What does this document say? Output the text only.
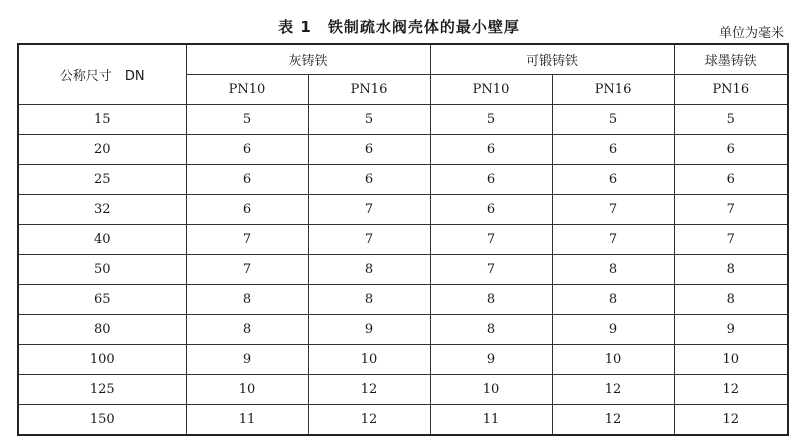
表 1　铁制疏水阀壳体的最小壁厚	单位为毫米
公称尺寸　DN	灰铸铁		可锻铸铁		球墨铸铁
	PN10	PN16	PN10	PN16	PN16
15	5	5	5	5	5
20	6	6	6	6	6
25	6	6	6	6	6
32	6	7	6	7	7
40	7	7	7	7	7
50	7	8	7	8	8
65	8	8	8	8	8
80	8	9	8	9	9
100	9	10	9	10	10
125	10	12	10	12	12
150	11	12	11	12	12
